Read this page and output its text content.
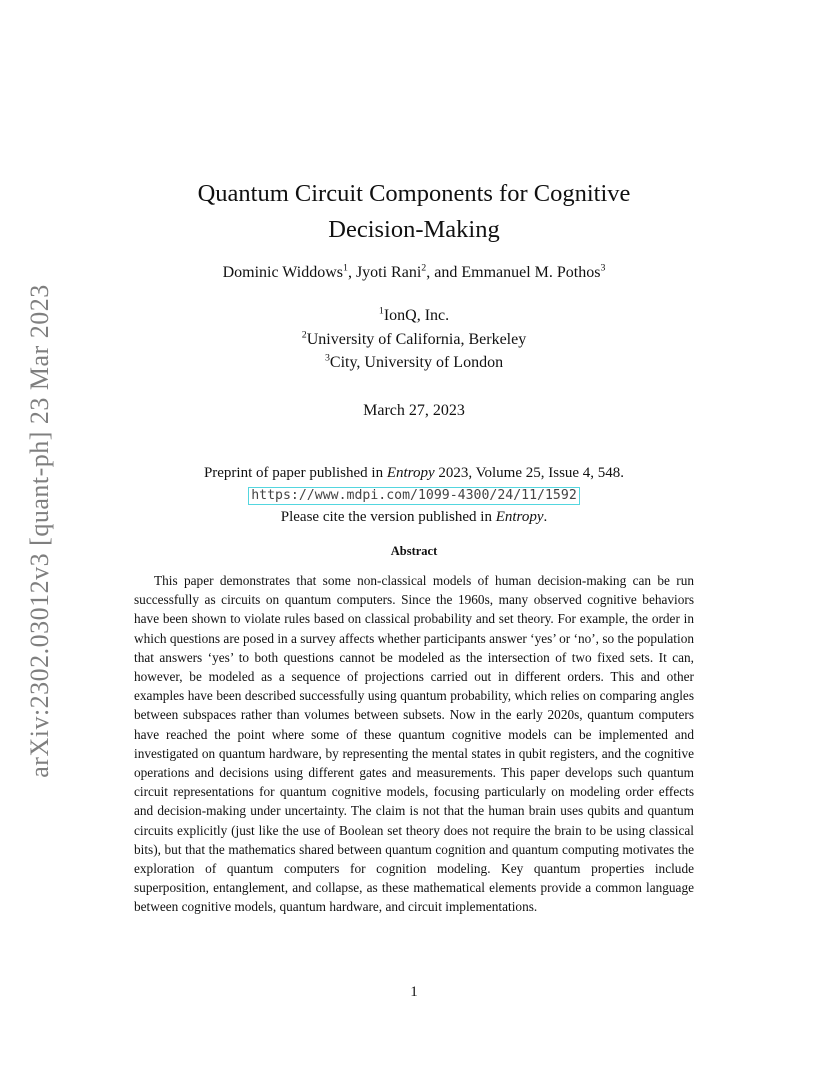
arXiv:2302.03012v3 [quant-ph] 23 Mar 2023
Quantum Circuit Components for Cognitive
Decision-Making
Dominic Widdows$^1$, Jyoti Rani$^2$, and Emmanuel M. Pothos$^3$
$^1$IonQ, Inc.
$^2$University of California, Berkeley
$^3$City, University of London
March 27, 2023
Preprint of paper published in Entropy 2023, Volume 25, Issue 4, 548.
https://www.mdpi.com/1099-4300/24/11/1592
Please cite the version published in Entropy.
Abstract

This paper demonstrates that some non-classical models of human decision-making can be run successfully as circuits on quantum computers. Since the 1960s, many observed cognitive behaviors have been shown to violate rules based on classical probability and set theory. For example, the order in which questions are posed in a survey affects whether participants answer ‘yes’ or ‘no’, so the population that answers ‘yes’ to both questions cannot be modeled as the intersection of two fixed sets. It can, however, be modeled as a sequence of projections carried out in different orders. This and other examples have been described successfully using quantum probability, which relies on comparing angles between subspaces rather than volumes between subsets. Now in the early 2020s, quantum computers have reached the point where some of these quantum cognitive models can be implemented and investigated on quantum hardware, by representing the mental states in qubit registers, and the cognitive operations and decisions using different gates and measurements. This paper develops such quantum circuit representations for quantum cognitive models, focusing particularly on modeling order effects and decision-making under uncertainty. The claim is not that the human brain uses qubits and quantum circuits explicitly (just like the use of Boolean set theory does not require the brain to be using classical bits), but that the mathematics shared between quantum cognition and quantum computing motivates the exploration of quantum computers for cognition modeling. Key quantum properties include superposition, entanglement, and collapse, as these mathematical elements provide a common language between cognitive models, quantum hardware, and circuit implementations.

1
